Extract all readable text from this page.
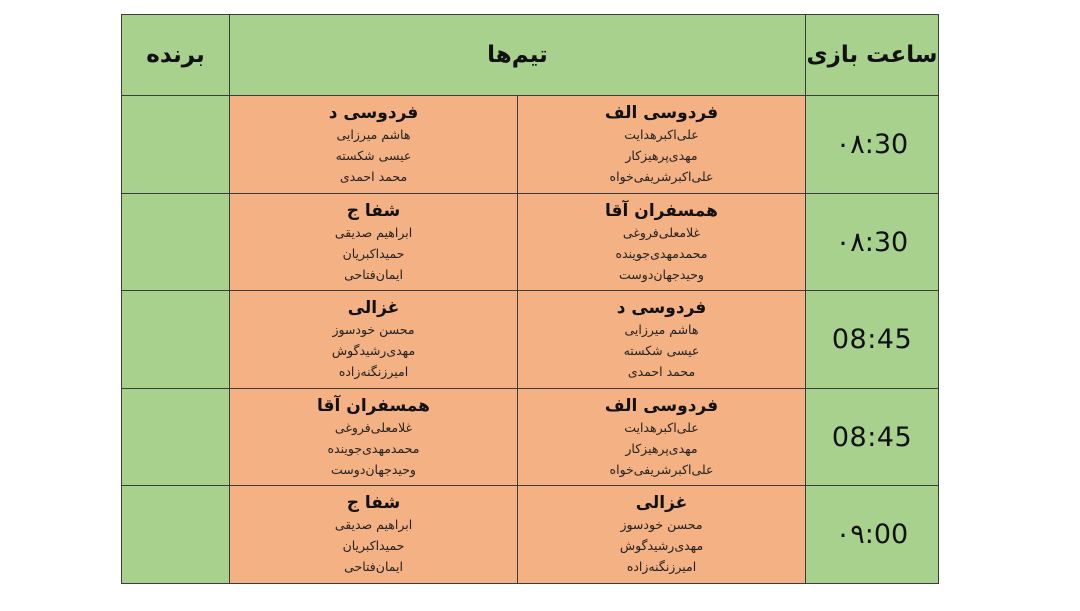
ساعت بازی	تیم‌ها		برنده
۰۸:30	فردوسی الف
علی‌اکبرهدایت
مهدی‌پرهیزکار
علی‌اکبرشریفی‌خواه	فردوسی د
هاشم میرزایی
عیسی شکسته
محمد احمدی	

۰۸:30	همسفران آقا
غلامعلی‌فروغی
محمدمهدی‌جوینده
وحیدجهان‌دوست	شفا ج
ابراهیم صدیقی
حمیداکبریان
ایمان‌فتاحی	

08:45	فردوسی د
هاشم میرزایی
عیسی شکسته
محمد احمدی	غزالی
محسن خودسوز
مهدی‌رشیدگوش
امیرزنگنه‌زاده	

08:45	فردوسی الف
علی‌اکبرهدایت
مهدی‌پرهیزکار
علی‌اکبرشریفی‌خواه	همسفران آقا
غلامعلی‌فروغی
محمدمهدی‌جوینده
وحیدجهان‌دوست	

۰۹:00	غزالی
محسن خودسوز
مهدی‌رشیدگوش
امیرزنگنه‌زاده	شفا ج
ابراهیم صدیقی
حمیداکبریان
ایمان‌فتاحی	
